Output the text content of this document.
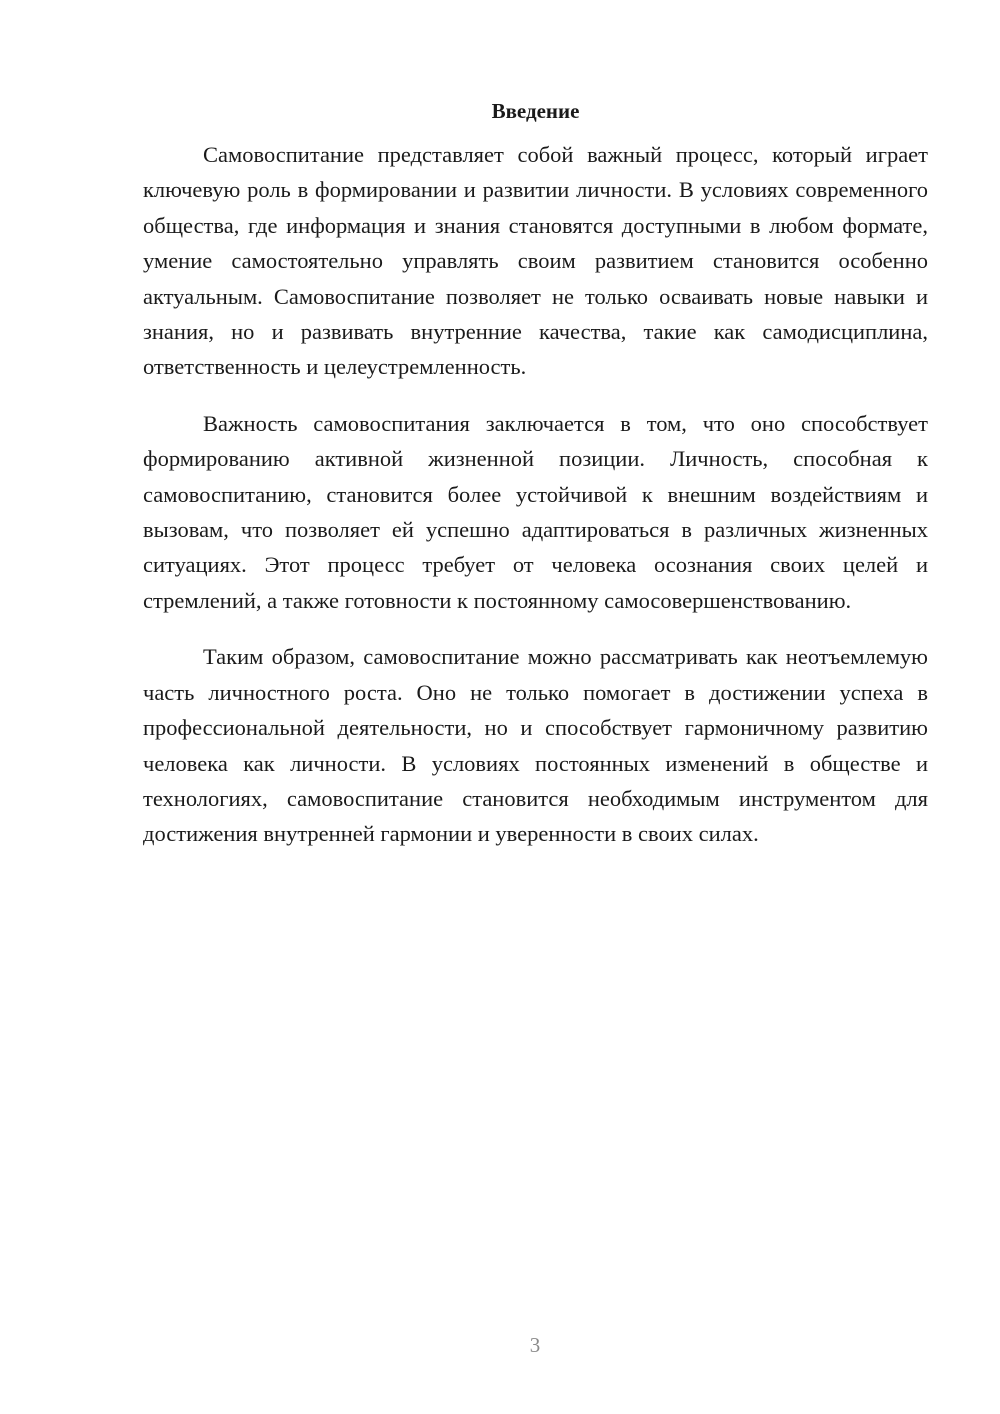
Введение

Самовоспитание представляет собой важный процесс, который играет ключевую роль в формировании и развитии личности. В условиях современного общества, где информация и знания становятся доступными в любом формате, умение самостоятельно управлять своим развитием становится особенно актуальным. Самовоспитание позволяет не только осваивать новые навыки и знания, но и развивать внутренние качества, такие как самодисциплина, ответственность и целеустремленность.

Важность самовоспитания заключается в том, что оно способствует формированию активной жизненной позиции. Личность, способная к самовоспитанию, становится более устойчивой к внешним воздействиям и вызовам, что позволяет ей успешно адаптироваться в различных жизненных ситуациях. Этот процесс требует от человека осознания своих целей и стремлений, а также готовности к постоянному самосовершенствованию.

Таким образом, самовоспитание можно рассматривать как неотъемлемую часть личностного роста. Оно не только помогает в достижении успеха в профессиональной деятельности, но и способствует гармоничному развитию человека как личности. В условиях постоянных изменений в обществе и технологиях, самовоспитание становится необходимым инструментом для достижения внутренней гармонии и уверенности в своих силах.

3
